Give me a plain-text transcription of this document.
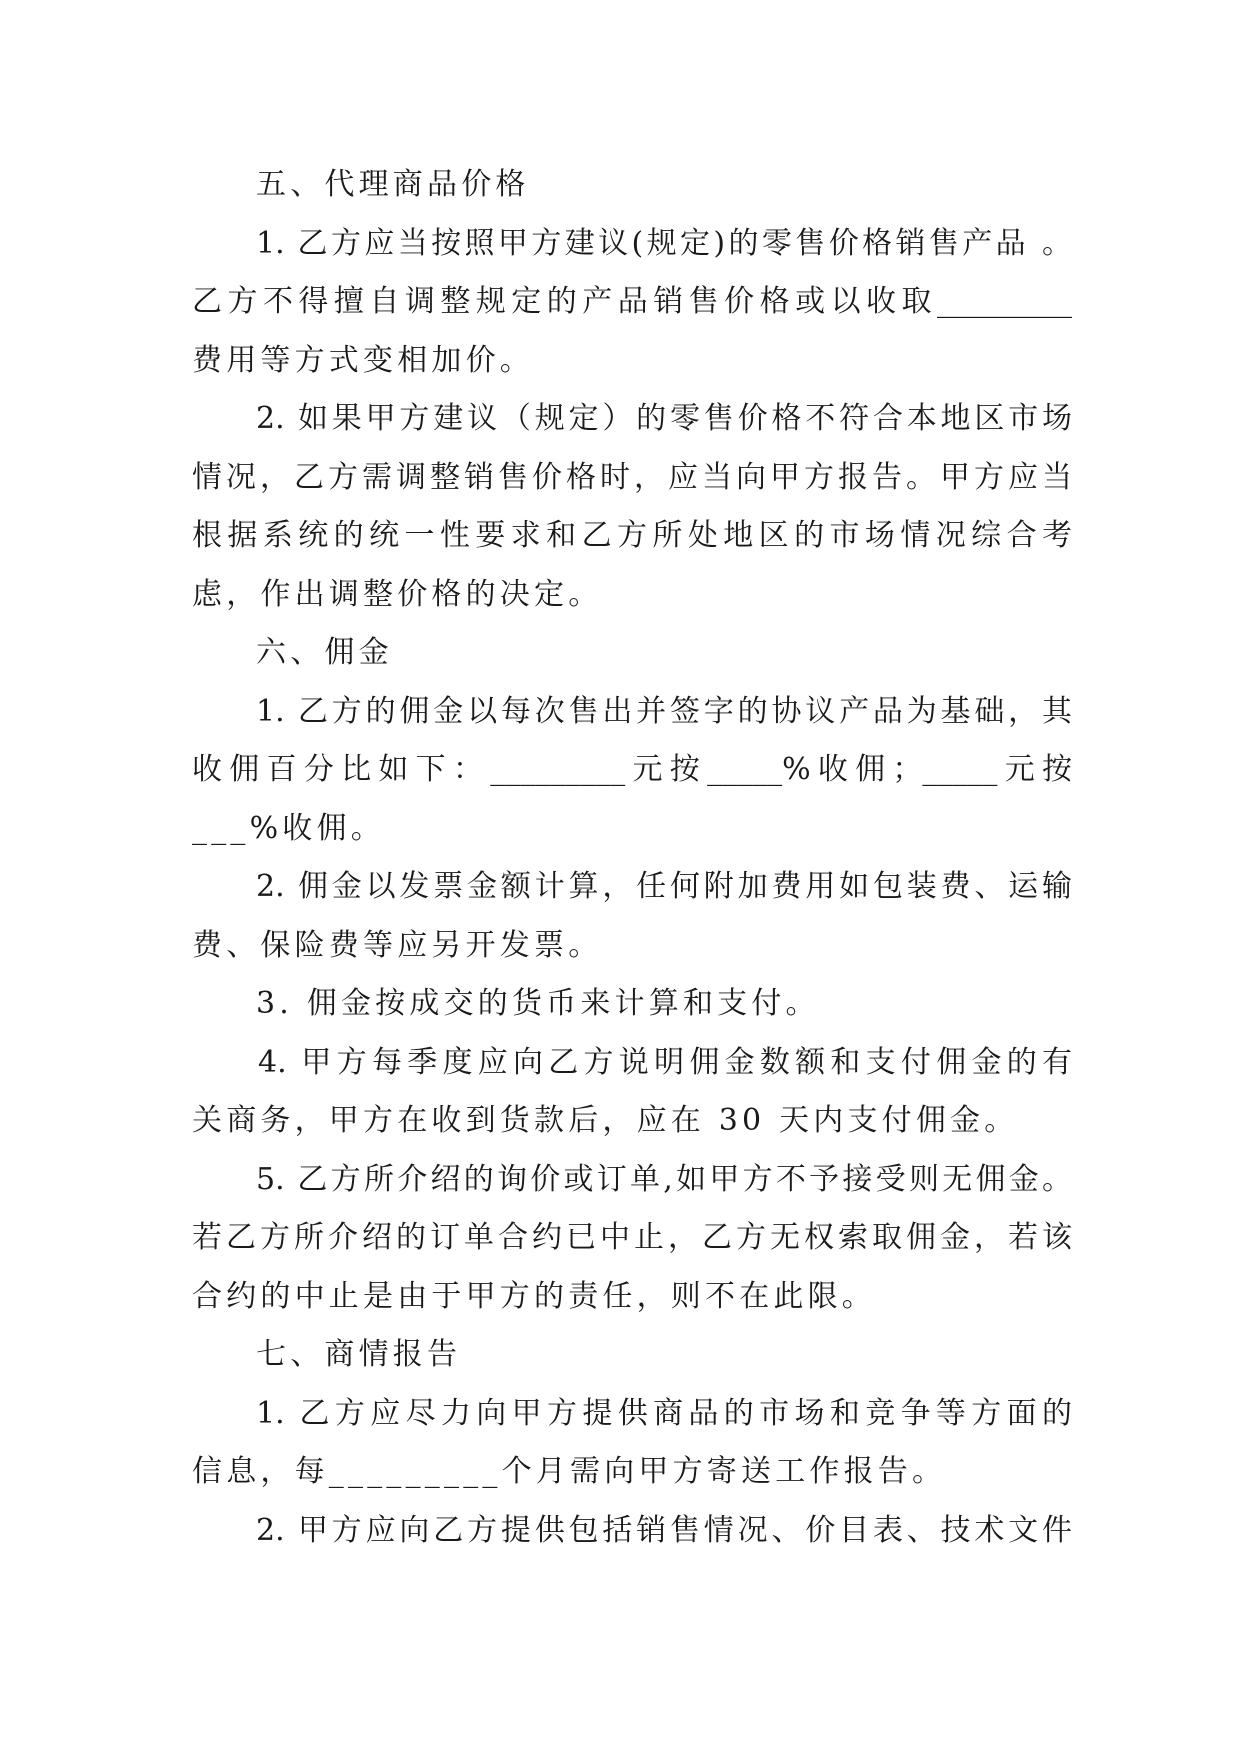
五、代理商品价格
1. 乙方应当按照甲方建议(规定)的零售价格销售产品 。
乙方不得擅自调整规定的产品销售价格或以收取_________
费用等方式变相加价。
2. 如果甲方建议（规定）的零售价格不符合本地区市场
情况，乙方需调整销售价格时，应当向甲方报告。甲方应当
根据系统的统一性要求和乙方所处地区的市场情况综合考
虑，作出调整价格的决定。
六、佣金
1. 乙方的佣金以每次售出并签字的协议产品为基础，其
收佣百分比如下：_________元按_____%收佣；_____元按
___%收佣。
2. 佣金以发票金额计算，任何附加费用如包装费、运输
费、保险费等应另开发票。
3. 佣金按成交的货币来计算和支付。
4. 甲方每季度应向乙方说明佣金数额和支付佣金的有
关商务，甲方在收到货款后，应在 30 天内支付佣金。
5. 乙方所介绍的询价或订单,如甲方不予接受则无佣金。
若乙方所介绍的订单合约已中止，乙方无权索取佣金，若该
合约的中止是由于甲方的责任，则不在此限。
七、商情报告
1. 乙方应尽力向甲方提供商品的市场和竞争等方面的
信息，每_________个月需向甲方寄送工作报告。
2. 甲方应向乙方提供包括销售情况、价目表、技术文件
